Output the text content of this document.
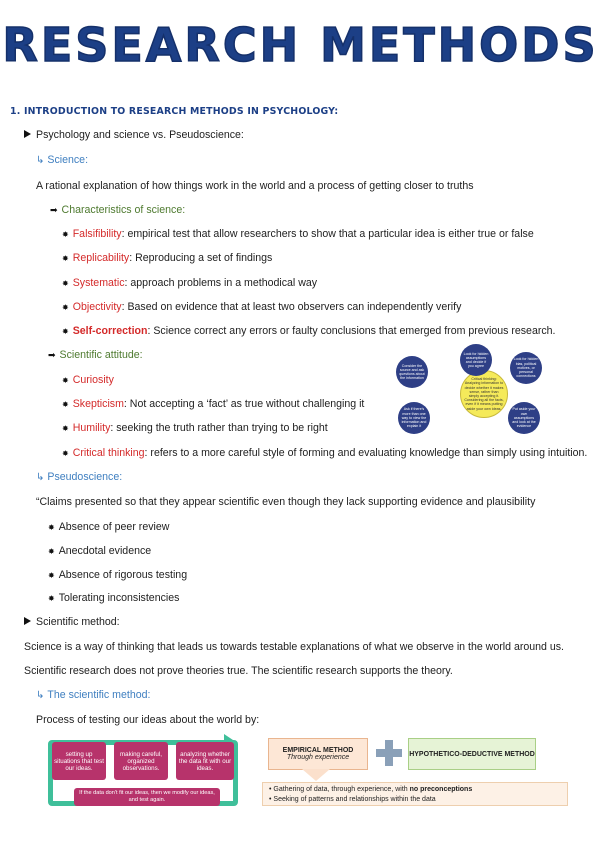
RESEARCH METHODS
1. INTRODUCTION TO RESEARCH METHODS IN PSYCHOLOGY:
Psychology and science vs. Pseudoscience:
↳ Science:
A rational explanation of how things work in the world and a process of getting closer to truths
➡ Characteristics of science:
✸ Falsifibility: empirical test that allow researchers to show that a particular idea is either true or false
✸ Replicability: Reproducing a set of findings
✸ Systematic: approach problems in a methodical way
✸ Objectivity: Based on evidence that at least two observers can independently verify
✸ Self-correction: Science correct any errors or faulty conclusions that emerged from previous research.
➡ Scientific attitude:
✸ Curiosity
✸ Skepticism: Not accepting a ‘fact’ as true without challenging it
✸ Humility: seeking the truth rather than trying to be right
✸ Critical thinking: refers to a more careful style of forming and evaluating knowledge than simply using intuition.
Critical thinking: Analyzing information to decide whether it makes sense, rather than simply accepting it. Considering all the facts, even if it means putting aside your own ideas.
Look for hidden assumptions and decide if you agree
Look for hidden bias, political motives, or personal connections
Put aside your own assumptions and look at the evidence
Ask if there's more than one way to view the information and explain it
Consider the source and ask questions about the information
↳ Pseudoscience:
“Claims presented so that they appear scientific even though they lack supporting evidence and plausibility
✸ Absence of peer review
✸ Anecdotal evidence
✸ Absence of rigorous testing
✸ Tolerating inconsistencies
Scientific method:
Science is a way of thinking that leads us towards testable explanations of what we observe in the world around us.
Scientific research does not prove theories true. The scientific research supports the theory.
↳ The scientific method:
Process of testing our ideas about the world by:
setting up situations that test our ideas.
making careful, organized observations.
analyzing whether the data fit with our ideas.
If the data don't fit our ideas, then we modify our ideas, and test again.
EMPIRICAL METHOD
Through experience	HYPOTHETICO-DEDUCTIVE METHOD
• Gathering of data, through experience, with no preconceptions
• Seeking of patterns and relationships within the data
